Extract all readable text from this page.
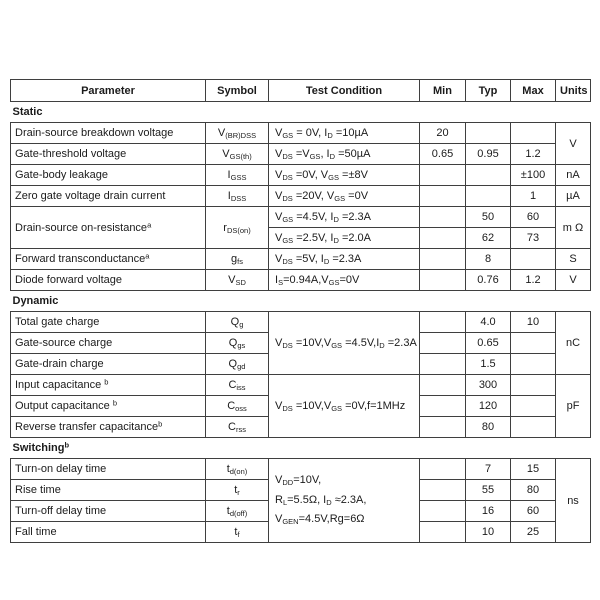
Parameter	Symbol	Test Condition	Min	Typ	Max	Units
Static						
Drain-source breakdown voltage	$V_{(BR)DSS}$	$V_{GS} = 0V$, $I_D =10\mu A$	20			V
Gate-threshold voltage	$V_{GS(th)}$	$V_{DS} =V_{GS}$, $I_D =50\mu A$	0.65	0.95	1.2	
Gate-body leakage	$I_{GSS}$	$V_{DS} =0V$, $V_{GS} =\pm 8V$			±100	nA
Zero gate voltage drain current	$I_{DSS}$	$V_{DS} =20V$, $V_{GS} =0V$			1	µA
Drain-source on-resistance$^a$	$r_{DS(on)}$	$V_{GS} =4.5V$, $I_D =2.3A$		50	60	m Ω
		$V_{GS} =2.5V$, $I_D =2.0A$		62	73	
Forward transconductance$^a$	$g_{fs}$	$V_{DS} =5V$, $I_D =2.3A$		8		S
Diode forward voltage	$V_{SD}$	$I_S=0.94A,V_{GS}=0V$		0.76	1.2	V
Dynamic						
Total gate charge	$Q_g$	$V_{DS} =10V,V_{GS} =4.5V,I_D =2.3A$		4.0	10	nC
Gate-source charge	$Q_{gs}$			0.65		
Gate-drain charge	$Q_{gd}$			1.5		
Input capacitance $^b$	$C_{iss}$	$V_{DS} =10V,V_{GS} =0V,f=1MHz$		300		pF
Output capacitance $^b$	$C_{oss}$			120		
Reverse transfer capacitance$^b$	$C_{rss}$			80		
Switching$^b$
Turn-on delay time	$t_{d(on)}$	$V_{DD}=10V$,
$R_L=5.5\Omega$, $I_D \approx 2.3A$,
$V_{GEN}=4.5V,Rg=6\Omega$		7	15	ns
Rise time	$t_r$			55	80	
Turn-off delay time	$t_{d(off)}$			16	60	
Fall time	$t_f$			10	25	
